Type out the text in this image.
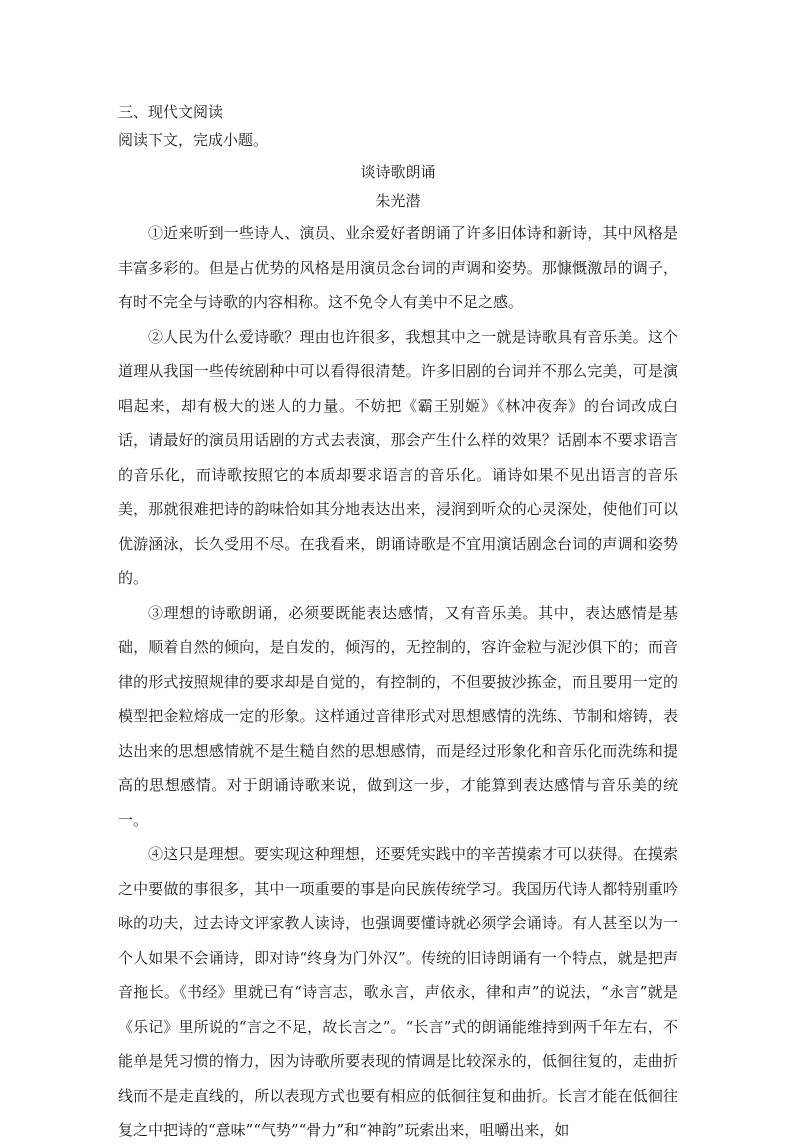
三、现代文阅读
阅读下文，完成小题。
谈诗歌朗诵
朱光潜

①近来听到一些诗人、演员、业余爱好者朗诵了许多旧体诗和新诗，其中风格是丰富多彩的。但是占优势的风格是用演员念台词的声调和姿势。那慷慨激昂的调子，有时不完全与诗歌的内容相称。这不免令人有美中不足之感。

②人民为什么爱诗歌？理由也许很多，我想其中之一就是诗歌具有音乐美。这个道理从我国一些传统剧种中可以看得很清楚。许多旧剧的台词并不那么完美，可是演唱起来，却有极大的迷人的力量。不妨把《霸王别姬》《林冲夜奔》的台词改成白话，请最好的演员用话剧的方式去表演，那会产生什么样的效果？话剧本不要求语言的音乐化，而诗歌按照它的本质却要求语言的音乐化。诵诗如果不见出语言的音乐美，那就很难把诗的韵味恰如其分地表达出来，浸润到听众的心灵深处，使他们可以优游涵泳，长久受用不尽。在我看来，朗诵诗歌是不宜用演话剧念台词的声调和姿势的。

③理想的诗歌朗诵，必须要既能表达感情，又有音乐美。其中，表达感情是基础，顺着自然的倾向，是自发的，倾泻的，无控制的，容许金粒与泥沙俱下的；而音律的形式按照规律的要求却是自觉的，有控制的，不但要披沙拣金，而且要用一定的模型把金粒熔成一定的形象。这样通过音律形式对思想感情的洗练、节制和熔铸，表达出来的思想感情就不是生糙自然的思想感情，而是经过形象化和音乐化而洗练和提高的思想感情。对于朗诵诗歌来说，做到这一步，才能算到表达感情与音乐美的统一。

④这只是理想。要实现这种理想，还要凭实践中的辛苦摸索才可以获得。在摸索之中要做的事很多，其中一项重要的事是向民族传统学习。我国历代诗人都特别重吟咏的功夫，过去诗文评家教人读诗，也强调要懂诗就必须学会诵诗。有人甚至以为一个人如果不会诵诗，即对诗“终身为门外汉”。传统的旧诗朗诵有一个特点，就是把声音拖长。《书经》里就已有“诗言志，歌永言，声依永，律和声”的说法，“永言”就是《乐记》里所说的“言之不足，故长言之”。“长言”式的朗诵能维持到两千年左右，不能单是凭习惯的惰力，因为诗歌所要表现的情调是比较深永的，低徊往复的，走曲折线而不是走直线的，所以表现方式也要有相应的低徊往复和曲折。长言才能在低徊往复之中把诗的“意味”“气势”“骨力”和“神韵”玩索出来，咀嚼出来，如
